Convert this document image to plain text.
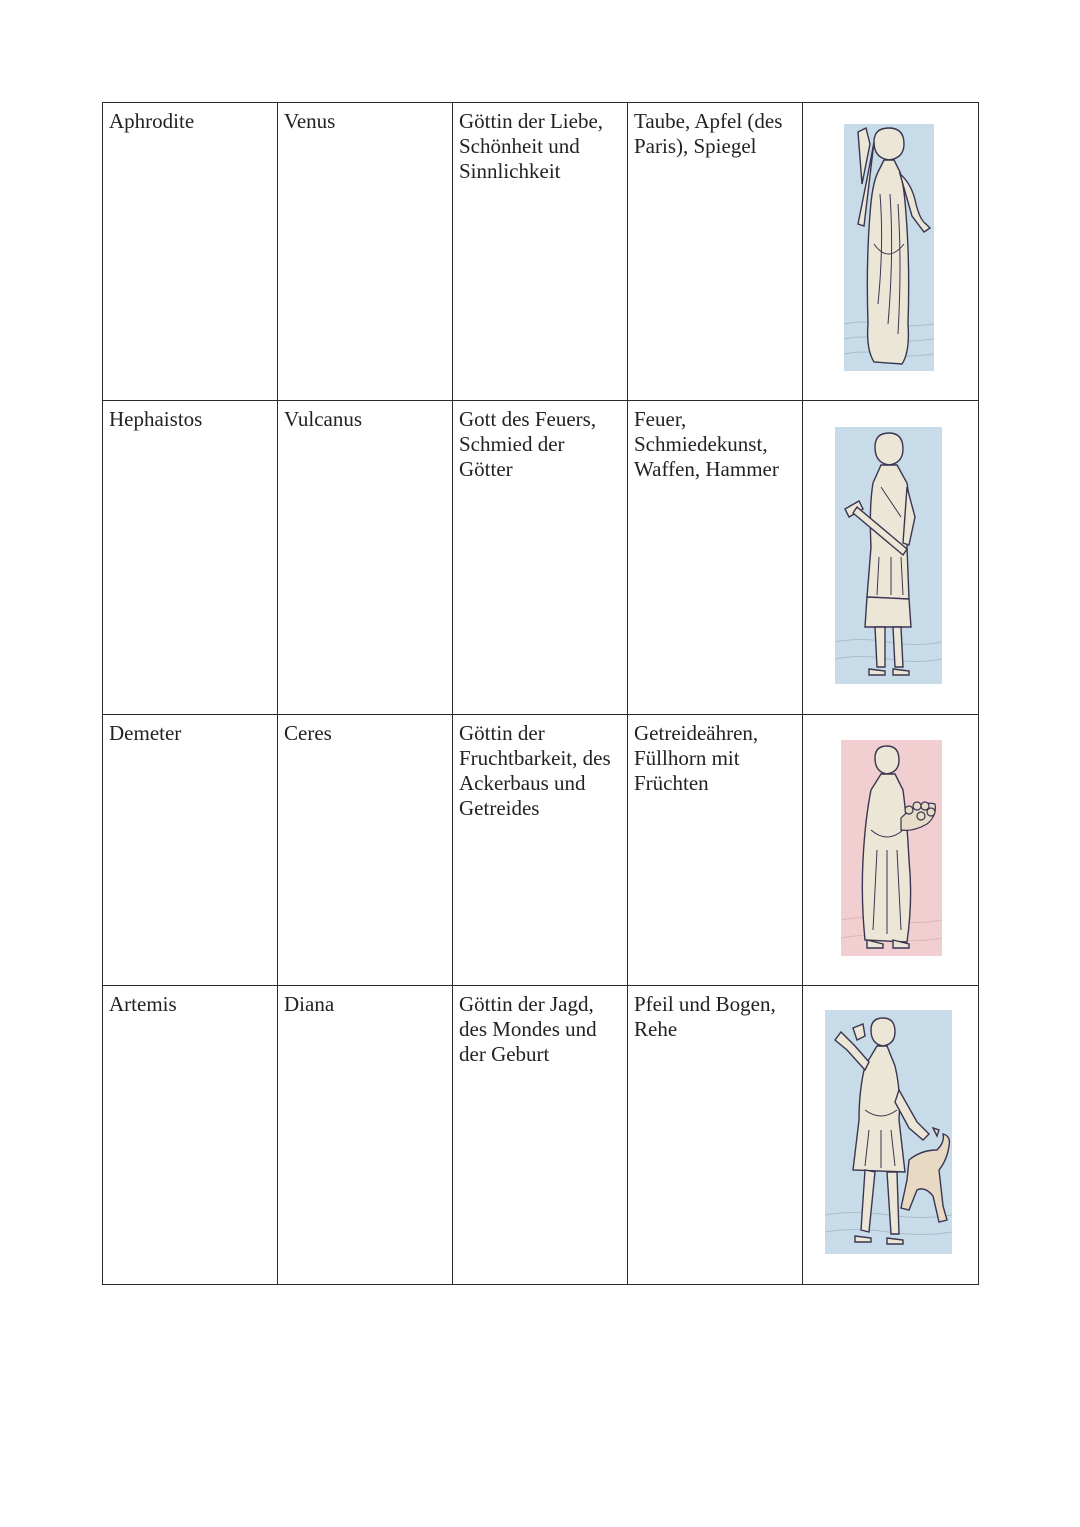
Aphrodite	Venus	Göttin der Liebe, Schönheit und Sinnlichkeit	Taube, Apfel (des Paris), Spiegel	

Hephaistos	Vulcanus	Gott des Feuers, Schmied der Götter	Feuer, Schmiedekunst, Waffen, Hammer	

Demeter	Ceres	Göttin der Fruchtbarkeit, des Ackerbaus und Getreides	Getreideähren, Füllhorn mit Früchten	

Artemis	Diana	Göttin der Jagd, des Mondes und der Geburt	Pfeil und Bogen, Rehe	
